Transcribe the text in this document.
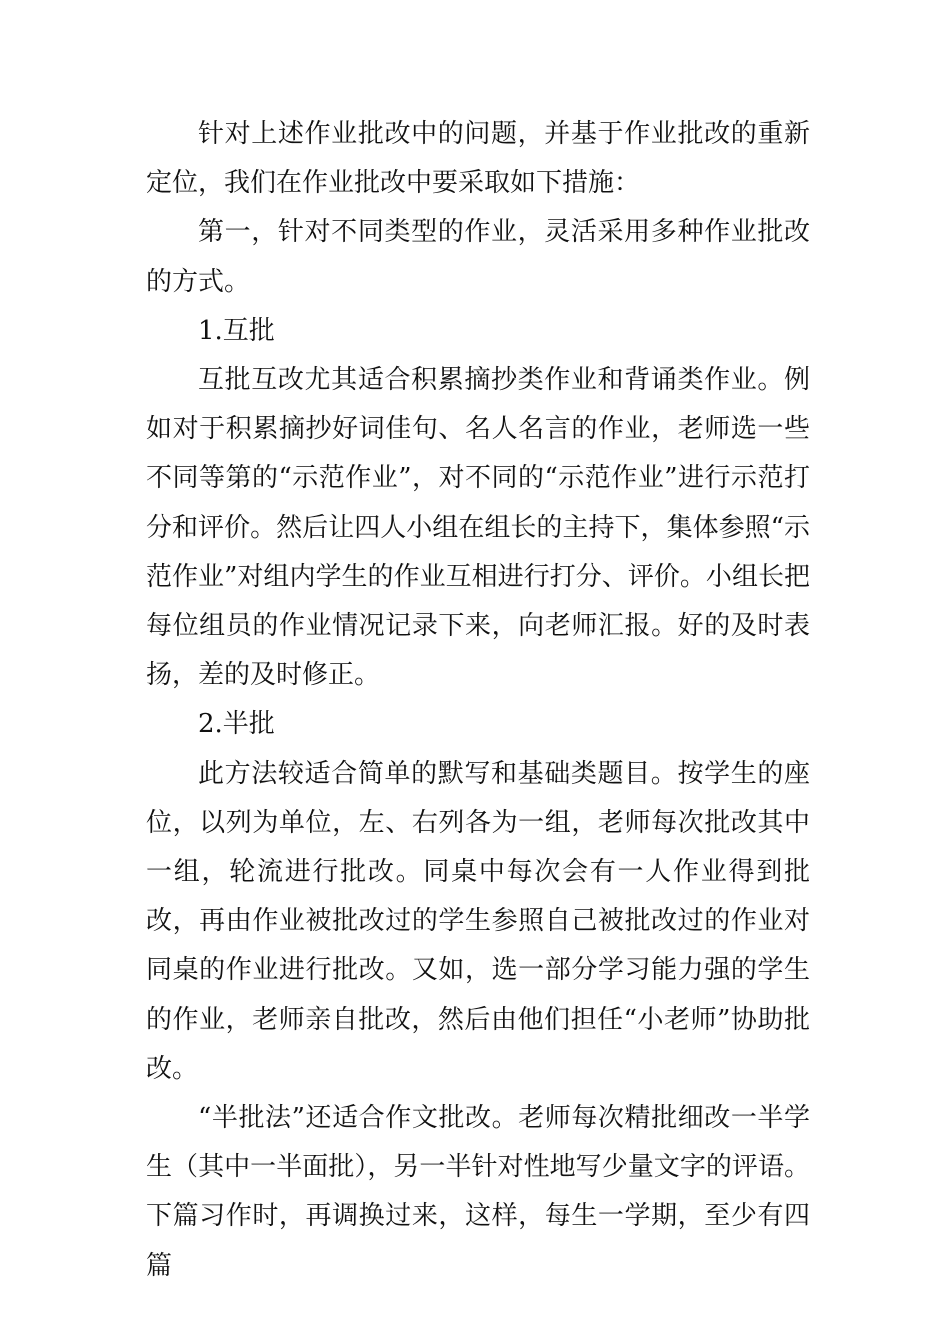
针对上述作业批改中的问题，并基于作业批改的重新定位，我们在作业批改中要采取如下措施：

第一，针对不同类型的作业，灵活采用多种作业批改的方式。

1.互批

互批互改尤其适合积累摘抄类作业和背诵类作业。例如对于积累摘抄好词佳句、名人名言的作业，老师选一些不同等第的“示范作业”，对不同的“示范作业”进行示范打分和评价。然后让四人小组在组长的主持下，集体参照“示范作业”对组内学生的作业互相进行打分、评价。小组长把每位组员的作业情况记录下来，向老师汇报。好的及时表扬，差的及时修正。

2.半批

此方法较适合简单的默写和基础类题目。按学生的座位，以列为单位，左、右列各为一组，老师每次批改其中一组，轮流进行批改。同桌中每次会有一人作业得到批改，再由作业被批改过的学生参照自己被批改过的作业对同桌的作业进行批改。又如，选一部分学习能力强的学生的作业，老师亲自批改，然后由他们担任“小老师”协助批改。

“半批法”还适合作文批改。老师每次精批细改一半学生（其中一半面批），另一半针对性地写少量文字的评语。下篇习作时，再调换过来，这样，每生一学期，至少有四篇
